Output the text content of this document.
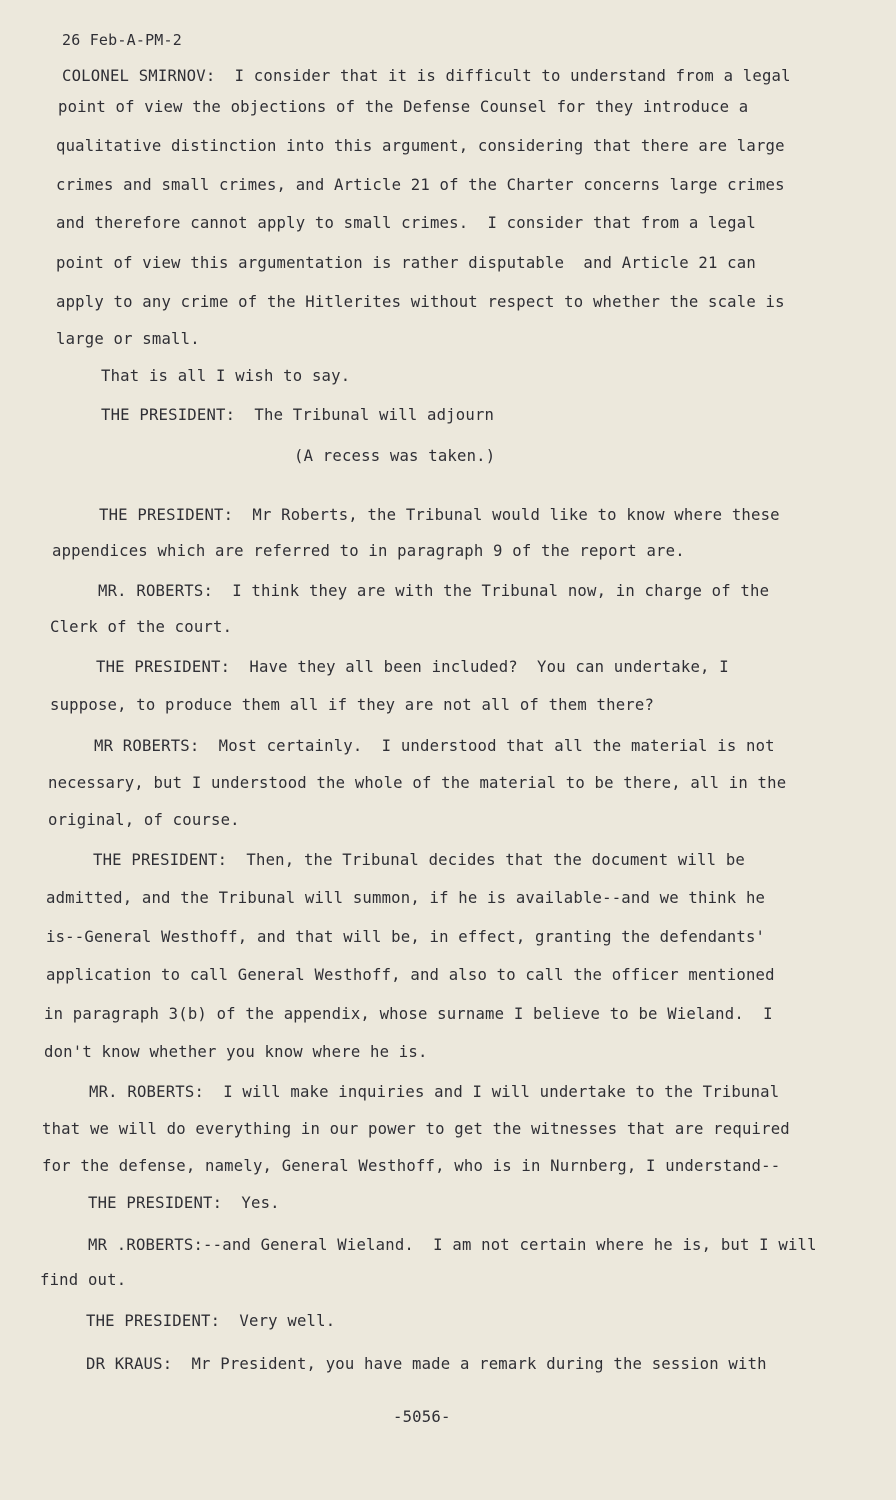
26 Feb-A-PM-2
COLONEL SMIRNOV:  I consider that it is difficult to understand from a legal
point of view the objections of the Defense Counsel for they introduce a
qualitative distinction into this argument, considering that there are large
crimes and small crimes, and Article 21 of the Charter concerns large crimes
and therefore cannot apply to small crimes.  I consider that from a legal
point of view this argumentation is rather disputable  and Article 21 can
apply to any crime of the Hitlerites without respect to whether the scale is
large or small.
That is all I wish to say.
THE PRESIDENT:  The Tribunal will adjourn
(A recess was taken.)
THE PRESIDENT:  Mr Roberts, the Tribunal would like to know where these
appendices which are referred to in paragraph 9 of the report are.
MR. ROBERTS:  I think they are with the Tribunal now, in charge of the
Clerk of the court.
THE PRESIDENT:  Have they all been included?  You can undertake, I
suppose, to produce them all if they are not all of them there?
MR ROBERTS:  Most certainly.  I understood that all the material is not
necessary, but I understood the whole of the material to be there, all in the
original, of course.
THE PRESIDENT:  Then, the Tribunal decides that the document will be
admitted, and the Tribunal will summon, if he is available--and we think he
is--General Westhoff, and that will be, in effect, granting the defendants'
application to call General Westhoff, and also to call the officer mentioned
in paragraph 3(b) of the appendix, whose surname I believe to be Wieland.  I
don't know whether you know where he is.
MR. ROBERTS:  I will make inquiries and I will undertake to the Tribunal
that we will do everything in our power to get the witnesses that are required
for the defense, namely, General Westhoff, who is in Nurnberg, I understand--
THE PRESIDENT:  Yes.
MR .ROBERTS:--and General Wieland.  I am not certain where he is, but I will
find out.
THE PRESIDENT:  Very well.
DR KRAUS:  Mr President, you have made a remark during the session with
-5056-
